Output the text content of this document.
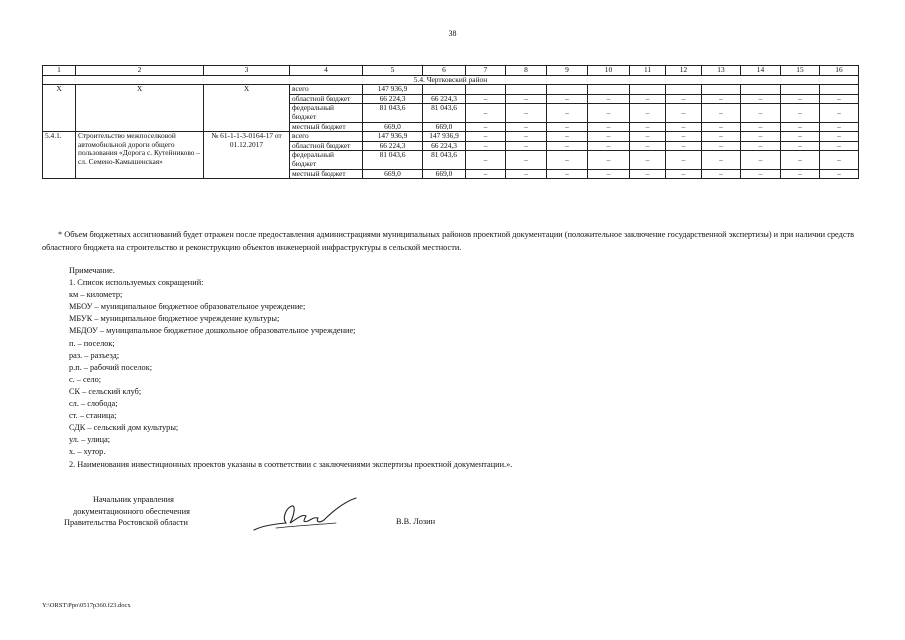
38
1	2	3	4	5	6	7	8	9	10	11	12	13	14	15	16
5.4. Чертковский район															
X	X	X	всего	147 936,9											
			областной бюджет	66 224,3	66 224,3	–	–	–	–	–	–	–	–	–	–
			федеральный бюджет	81 043,6	81 043,6	–	–	–	–	–	–	–	–	–	–
			местный бюджет	669,0	669,0	–	–	–	–	–	–	–	–	–	–
5.4.1.	Строительство межпоселковой автомобильной дороги общего пользования «Дорога с. Кутейниково – сл. Семено-Камышенская»	№ 61-1-1-3-0164-17 от 01.12.2017	всего	147 936,9	147 936,9	–	–	–	–	–	–	–	–	–	–
			областной бюджет	66 224,3	66 224,3	–	–	–	–	–	–	–	–	–	–
			федеральный бюджет	81 043,6	81 043,6	–	–	–	–	–	–	–	–	–	–
			местный бюджет	669,0	669,0	–	–	–	–	–	–	–	–	–	–
* Объем бюджетных ассигнований будет отражен после предоставления администрациями муниципальных районов проектной документации (положительное заключение государственной экспертизы) и при наличии средств областного бюджета на строительство и реконструкцию объектов инженерной инфраструктуры в сельской местности.
Примечание.
1. Список используемых сокращений:
км – километр;
МБОУ – муниципальное бюджетное образовательное учреждение;
МБУК – муниципальное бюджетное учреждение культуры;
МБДОУ – муниципальное бюджетное дошкольное образовательное учреждение;
п. – поселок;
раз. – разъезд;
р.п. – рабочий поселок;
с. – село;
СК – сельский клуб;
сл. – слобода;
ст. – станица;
СДК – сельский дом культуры;
ул. – улица;
х. – хутор.
2. Наименования инвестиционных проектов указаны в соответствии с заключениями экспертизы проектной документации.».
Начальник управления
документационного обеспечения
Правительства Ростовской области	В.В. Лозин
Y:\ORST\Ppo\0517p360.f23.docx
